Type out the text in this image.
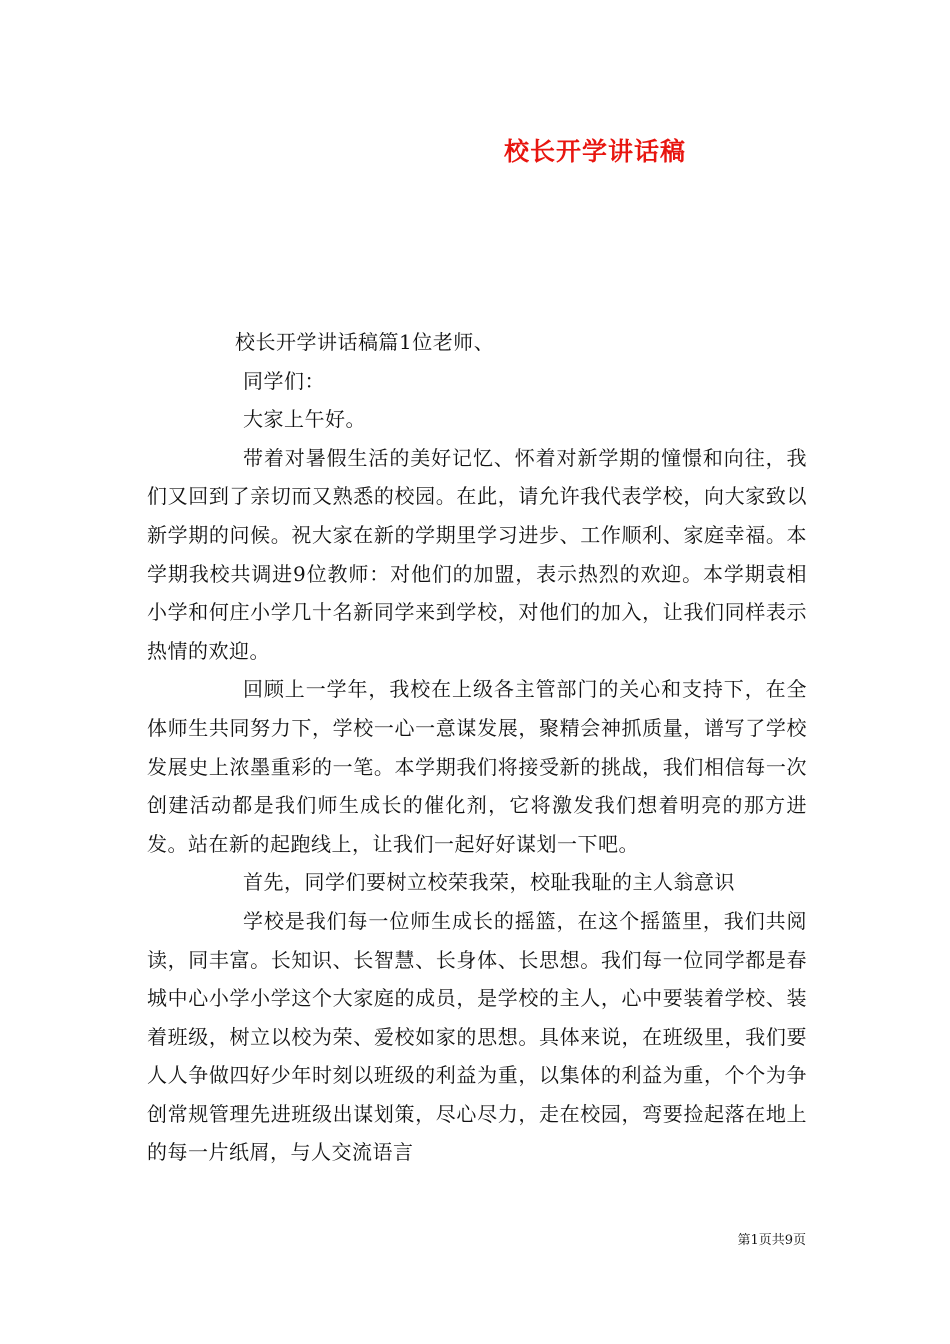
校长开学讲话稿

校长开学讲话稿篇1位老师、

同学们：

大家上午好。

带着对暑假生活的美好记忆、怀着对新学期的憧憬和向往，我们又回到了亲切而又熟悉的校园。在此，请允许我代表学校，向大家致以新学期的问候。祝大家在新的学期里学习进步、工作顺利、家庭幸福。本学期我校共调进9位教师：对他们的加盟，表示热烈的欢迎。本学期袁相小学和何庄小学几十名新同学来到学校，对他们的加入，让我们同样表示热情的欢迎。

回顾上一学年，我校在上级各主管部门的关心和支持下，在全体师生共同努力下，学校一心一意谋发展，聚精会神抓质量，谱写了学校发展史上浓墨重彩的一笔。本学期我们将接受新的挑战，我们相信每一次创建活动都是我们师生成长的催化剂，它将激发我们想着明亮的那方进发。站在新的起跑线上，让我们一起好好谋划一下吧。

首先，同学们要树立校荣我荣，校耻我耻的主人翁意识

学校是我们每一位师生成长的摇篮，在这个摇篮里，我们共阅读，同丰富。长知识、长智慧、长身体、长思想。我们每一位同学都是春城中心小学小学这个大家庭的成员，是学校的主人，心中要装着学校、装着班级，树立以校为荣、爱校如家的思想。具体来说，在班级里，我们要人人争做四好少年时刻以班级的利益为重，以集体的利益为重，个个为争创常规管理先进班级出谋划策，尽心尽力，走在校园，弯要捡起落在地上的每一片纸屑，与人交流语言

第1页共9页
